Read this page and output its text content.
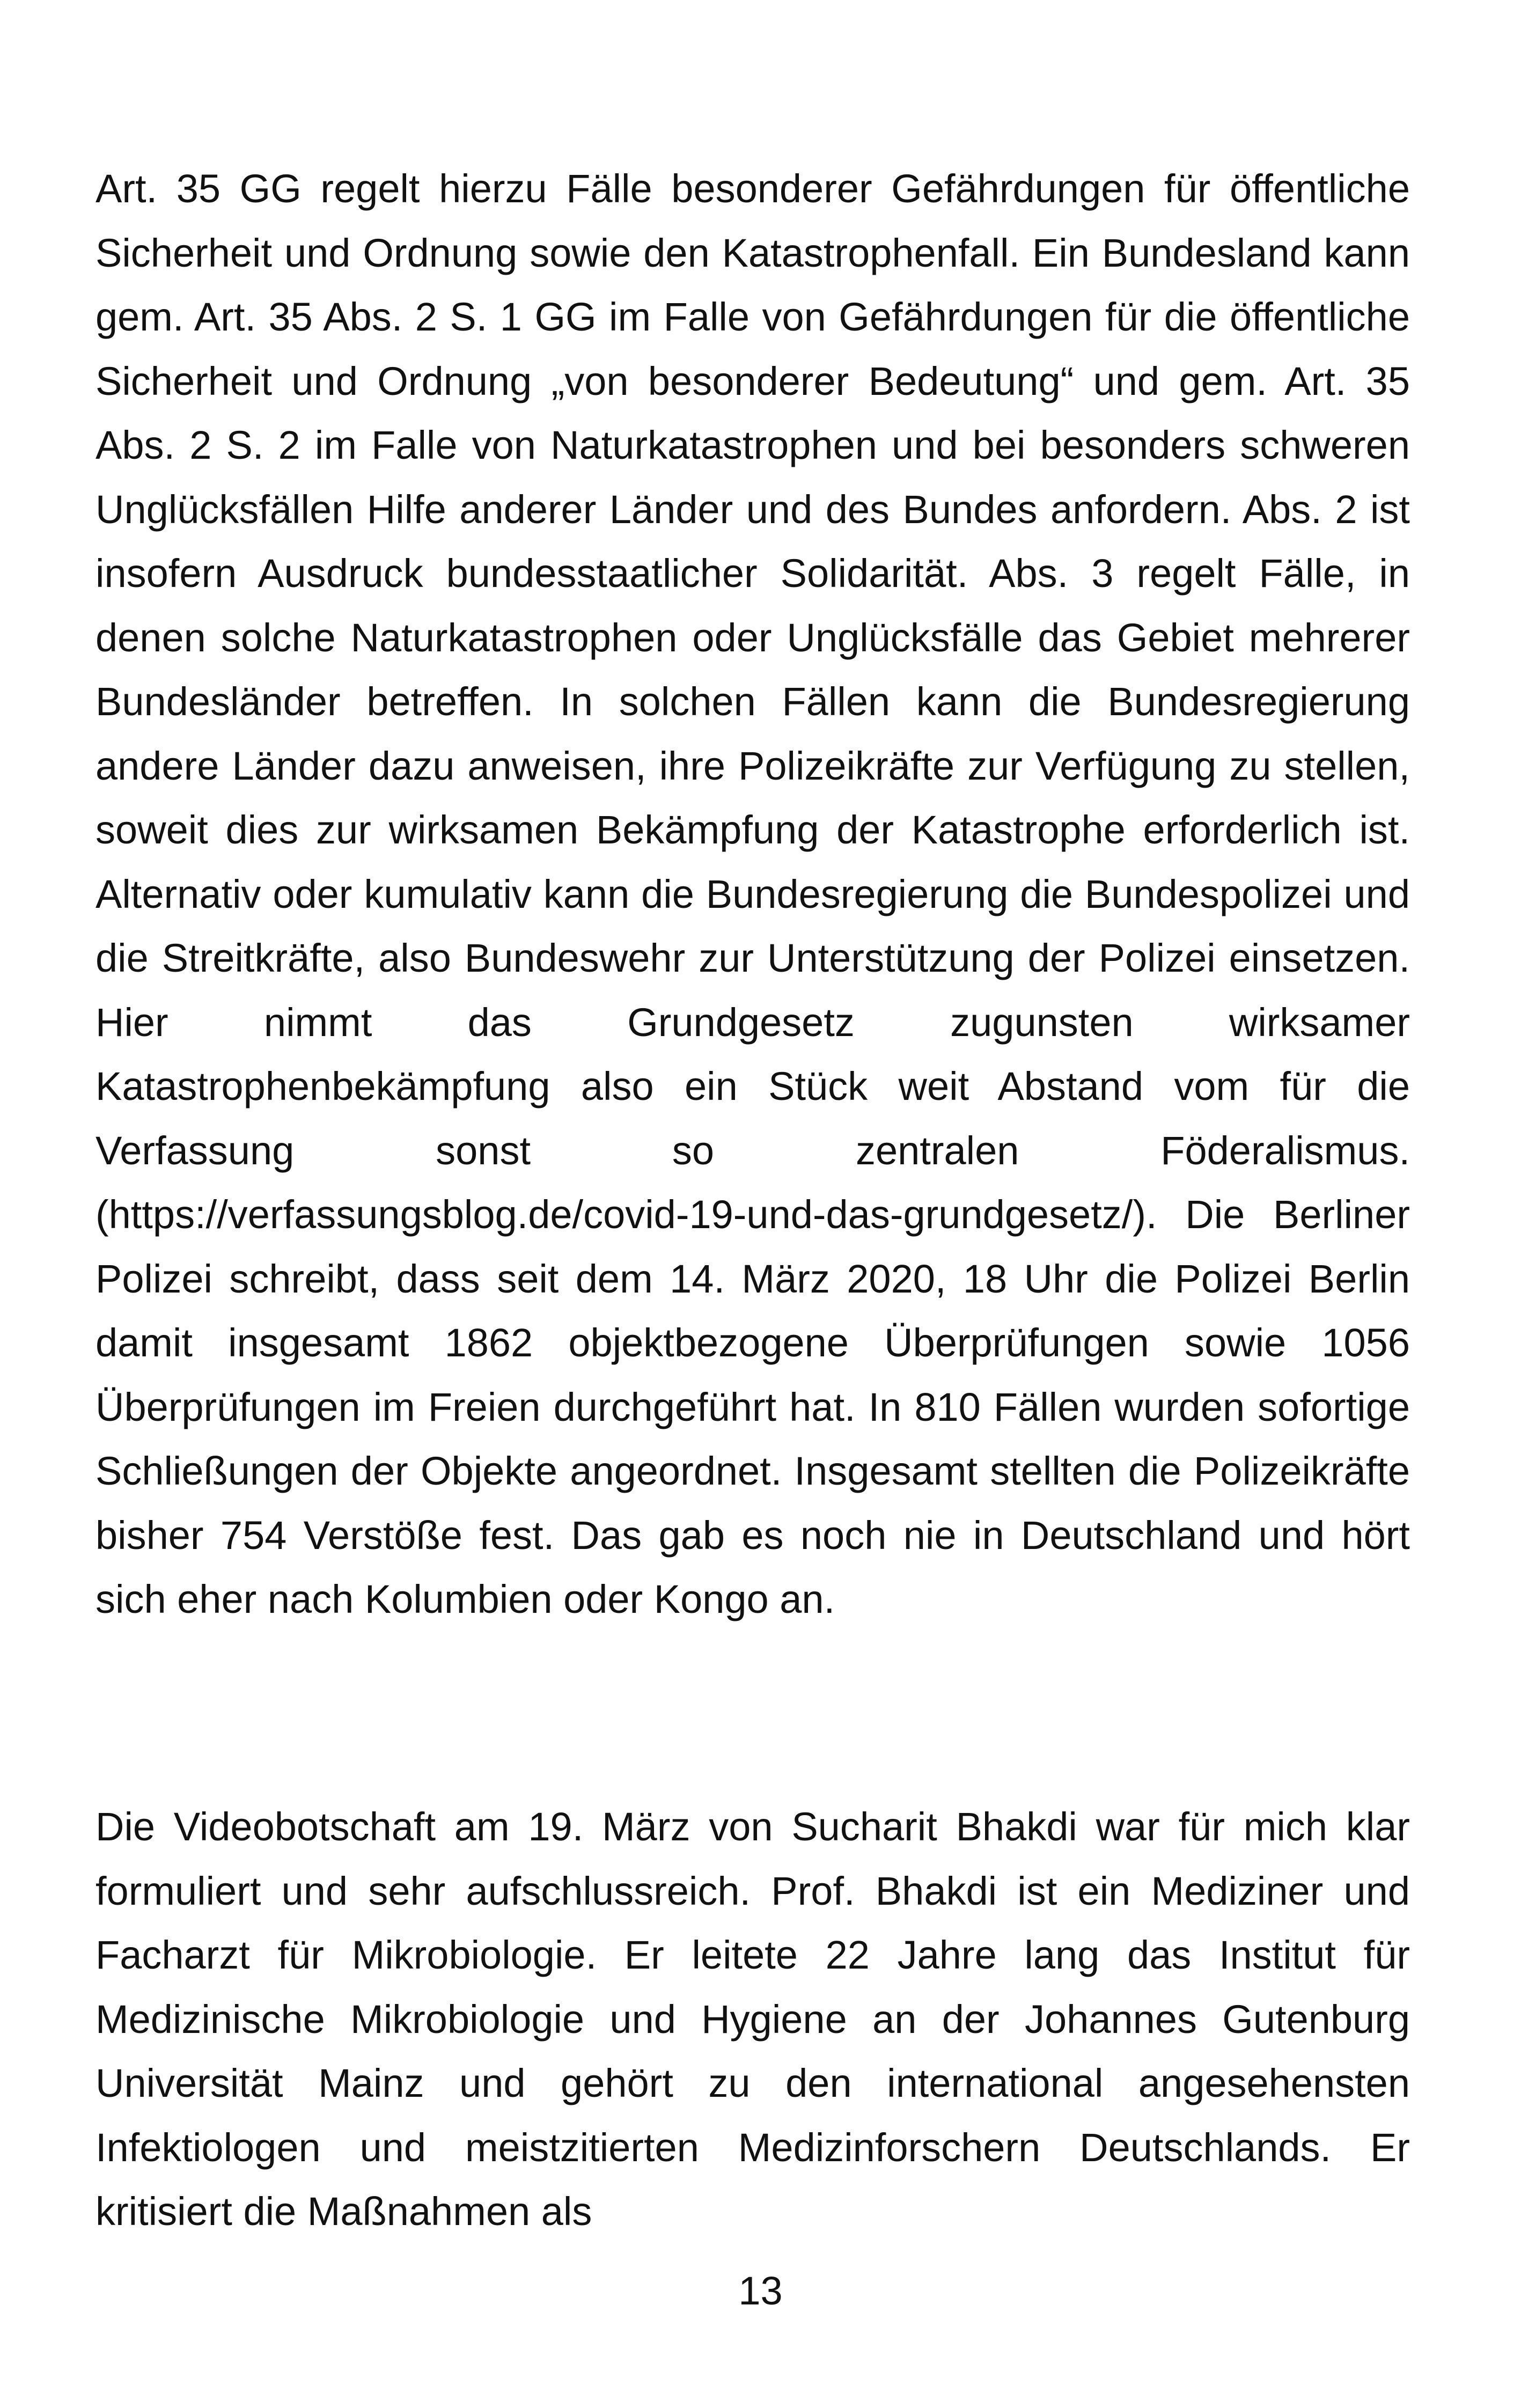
Art. 35 GG regelt hierzu Fälle besonderer Gefährdungen für öffentliche Sicherheit und Ordnung sowie den Katastrophenfall. Ein Bundesland kann gem. Art. 35 Abs. 2 S. 1 GG im Falle von Gefährdungen für die öffentliche Sicherheit und Ordnung „von besonderer Bedeutung“ und gem. Art. 35 Abs. 2 S. 2 im Falle von Naturkatastrophen und bei besonders schweren Unglücksfällen Hilfe anderer Länder und des Bundes anfordern. Abs. 2 ist insofern Ausdruck bundesstaatlicher Solidarität. Abs. 3 regelt Fälle, in denen solche Naturkatastrophen oder Unglücksfälle das Gebiet mehrerer Bundesländer betreffen. In solchen Fällen kann die Bundesregierung andere Länder dazu anweisen, ihre Polizeikräfte zur Verfügung zu stellen, soweit dies zur wirksamen Bekämpfung der Katastrophe erforderlich ist. Alternativ oder kumulativ kann die Bundesregierung die Bundespolizei und die Streitkräfte, also Bundeswehr zur Unterstützung der Polizei einsetzen. Hier nimmt das Grundgesetz zugunsten wirksamer Katastrophenbekämpfung also ein Stück weit Abstand vom für die Verfassung sonst so zentralen Föderalismus. (https://verfassungsblog.de/covid-19-und-das-grundgesetz/). Die Berliner Polizei schreibt, dass seit dem 14. März 2020, 18 Uhr die Polizei Berlin damit insgesamt 1862 objektbezogene Überprüfungen sowie 1056 Überprüfungen im Freien durchgeführt hat. In 810 Fällen wurden sofortige Schließungen der Objekte angeordnet. Insgesamt stellten die Polizeikräfte bisher 754 Verstöße fest. Das gab es noch nie in Deutschland und hört sich eher nach Kolumbien oder Kongo an.

Die Videobotschaft am 19. März von Sucharit Bhakdi war für mich klar formuliert und sehr aufschlussreich. Prof. Bhakdi ist ein Mediziner und Facharzt für Mikrobiologie. Er leitete 22 Jahre lang das Institut für Medizinische Mikrobiologie und Hygiene an der Johannes Gutenburg Universität Mainz und gehört zu den international angesehensten Infektiologen und meistzitierten Medizinforschern Deutschlands. Er kritisiert die Maßnahmen als

13
